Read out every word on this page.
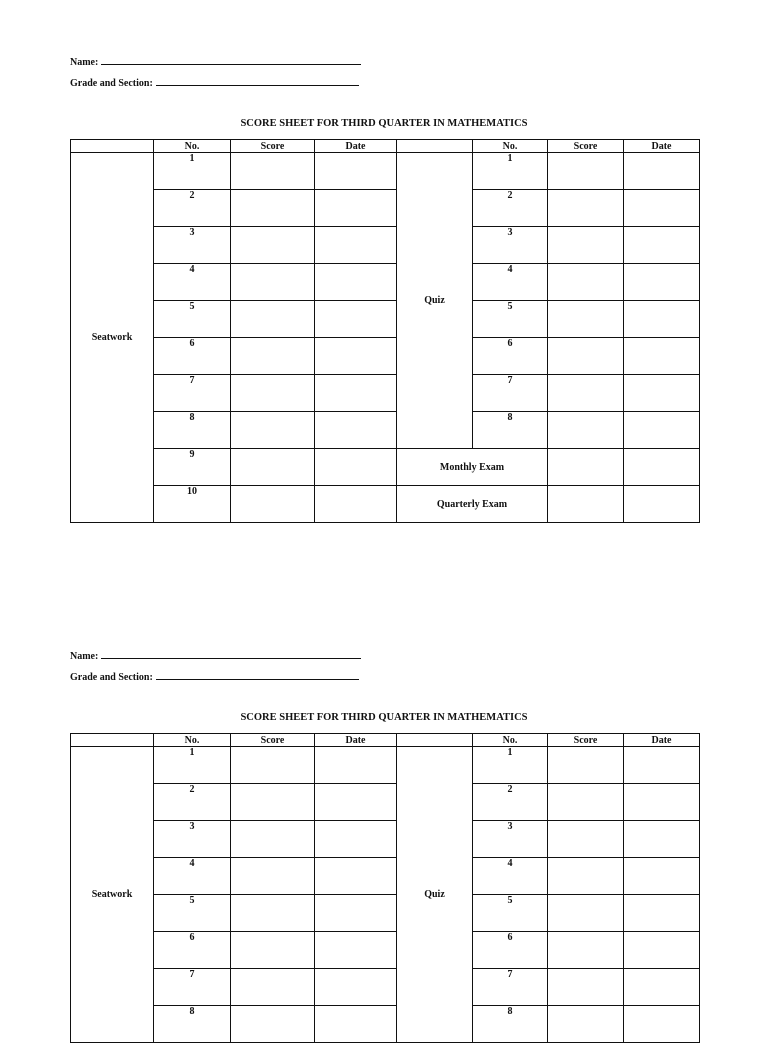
Name:
Grade and Section:
SCORE SHEET FOR THIRD QUARTER IN MATHEMATICS
	No.	Score	Date		No.	Score	Date
Seatwork	1			Quiz	1		
	2				2		
	3				3		
	4				4		
	5				5		
	6				6		
	7				7		
	8				8		
	9			Monthly Exam			
	10			Quarterly Exam			
Name:
Grade and Section:
SCORE SHEET FOR THIRD QUARTER IN MATHEMATICS
	No.	Score	Date		No.	Score	Date
Seatwork	1			Quiz	1		
	2				2		
	3				3		
	4				4		
	5				5		
	6				6		
	7				7		
	8				8		
